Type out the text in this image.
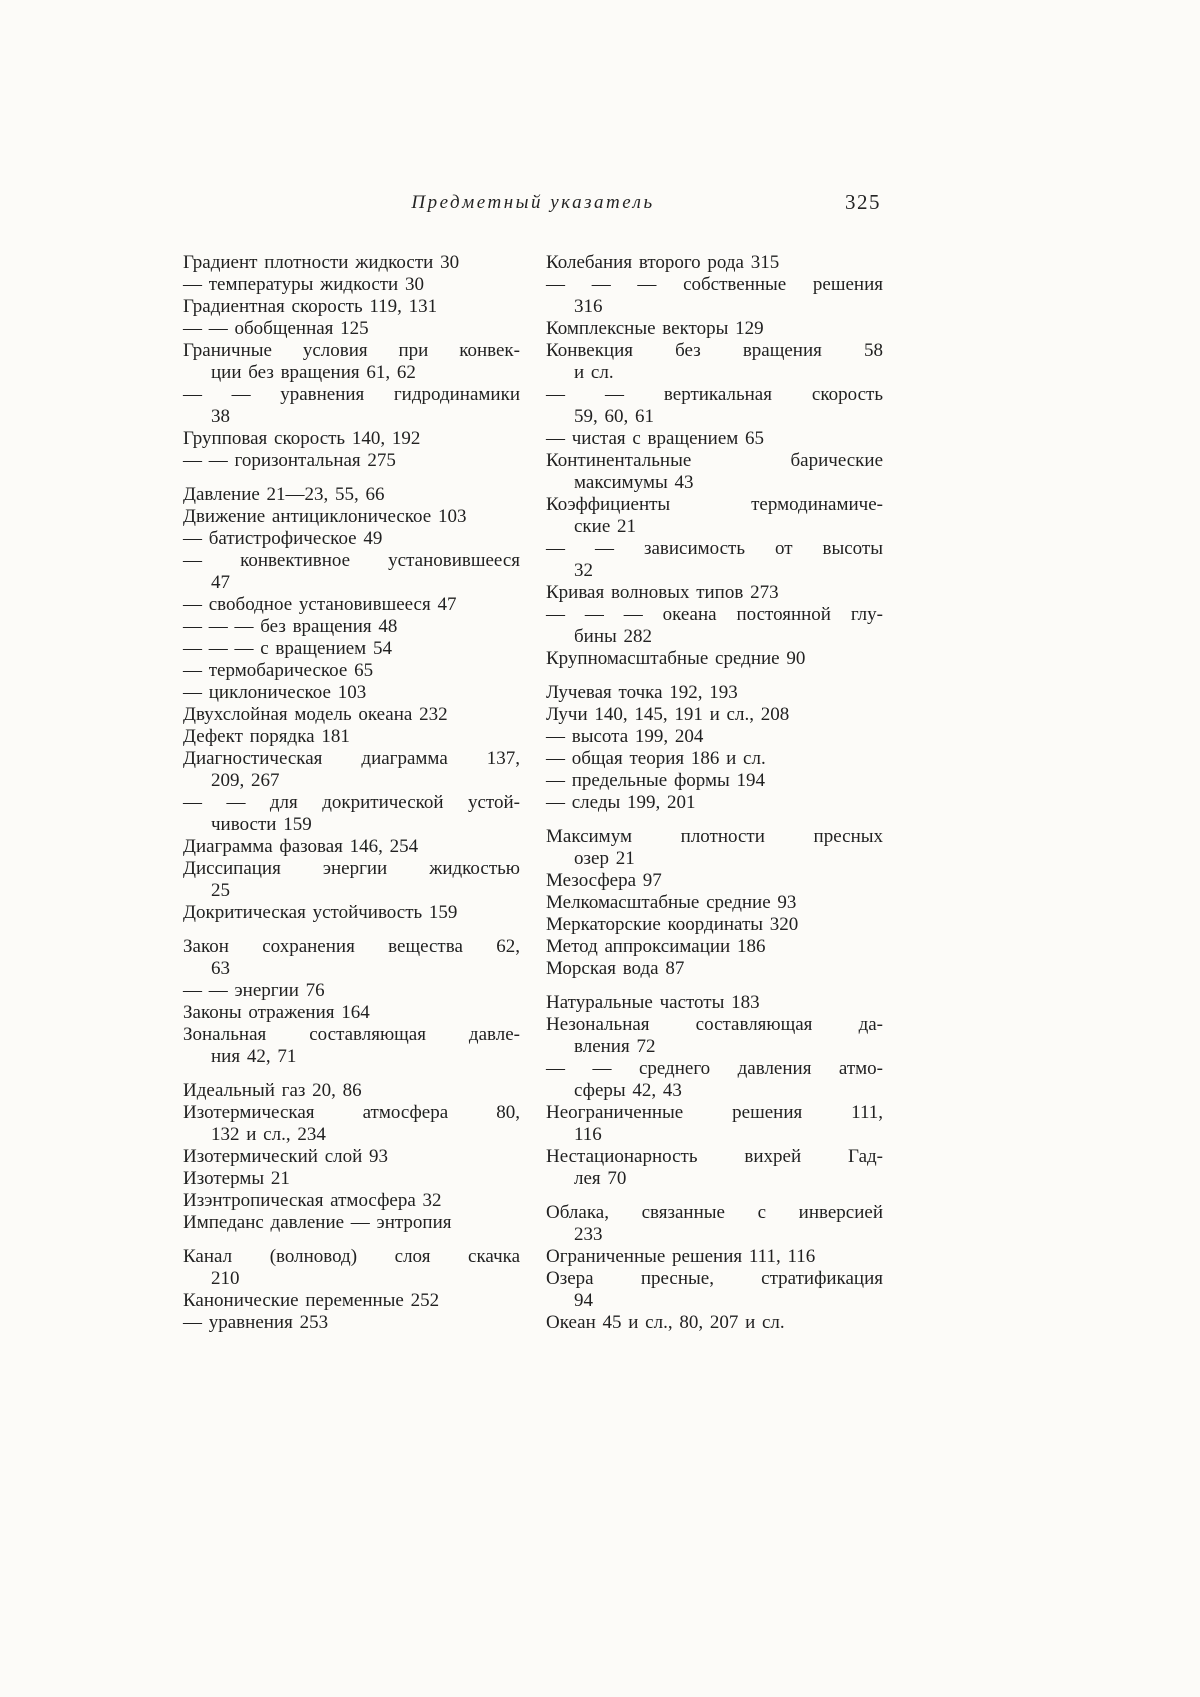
Предметный указатель	325
Градиент плотности жидкости 30
— температуры жидкости 30
Градиентная скорость 119, 131
— — обобщенная 125
Граничные условия при конвек-
ции без вращения 61, 62
— — уравнения гидродинамики
38
Групповая скорость 140, 192
— — горизонтальная 275
Давление 21—23, 55, 66
Движение антициклоническое 103
— батистрофическое 49
— конвективное установившееся
47
— свободное установившееся 47
— — — без вращения 48
— — — с вращением 54
— термобарическое 65
— циклоническое 103
Двухслойная модель океана 232
Дефект порядка 181
Диагностическая диаграмма 137,
209, 267
— — для докритической устой-
чивости 159
Диаграмма фазовая 146, 254
Диссипация энергии жидкостью
25
Докритическая устойчивость 159
Закон сохранения вещества 62,
63
— — энергии 76
Законы отражения 164
Зональная составляющая давле-
ния 42, 71
Идеальный газ 20, 86
Изотермическая атмосфера 80,
132 и сл., 234
Изотермический слой 93
Изотермы 21
Изэнтропическая атмосфера 32
Импеданс давление — энтропия
Канал (волновод) слоя скачка
210
Канонические переменные 252
— уравнения 253
Колебания второго рода 315
— — — собственные решения
316
Комплексные векторы 129
Конвекция без вращения 58
и сл.
— — вертикальная скорость
59, 60, 61
— чистая с вращением 65
Континентальные барические
максимумы 43
Коэффициенты термодинамиче-
ские 21
— — зависимость от высоты
32
Кривая волновых типов 273
— — — океана постоянной глу-
бины 282
Крупномасштабные средние 90
Лучевая точка 192, 193
Лучи 140, 145, 191 и сл., 208
— высота 199, 204
— общая теория 186 и сл.
— предельные формы 194
— следы 199, 201
Максимум плотности пресных
озер 21
Мезосфера 97
Мелкомасштабные средние 93
Меркаторские координаты 320
Метод аппроксимации 186
Морская вода 87
Натуральные частоты 183
Незональная составляющая да-
вления 72
— — среднего давления атмо-
сферы 42, 43
Неограниченные решения 111,
116
Нестационарность вихрей Гад-
лея 70
Облака, связанные с инверсией
233
Ограниченные решения 111, 116
Озера пресные, стратификация
94
Океан 45 и сл., 80, 207 и сл.
